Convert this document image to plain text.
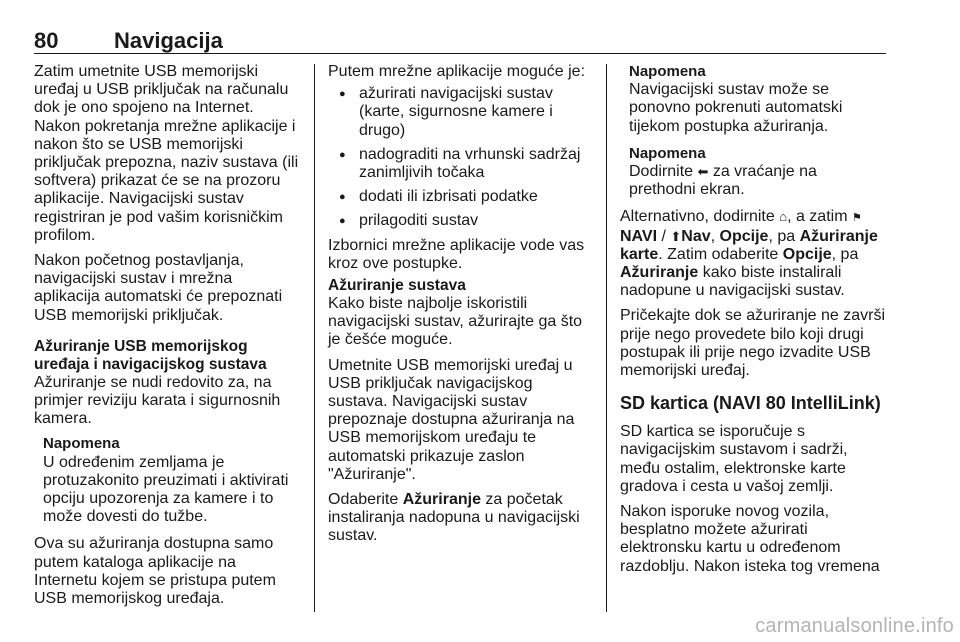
80	Navigacija

Zatim umetnite USB memorijski uređaj u USB priključak na računalu dok je ono spojeno na Internet. Nakon pokretanja mrežne aplikacije i nakon što se USB memorijski priključak prepozna, naziv sustava (ili softvera) prikazat će se na prozoru aplikacije. Navigacijski sustav registriran je pod vašim korisničkim profilom.

Nakon početnog postavljanja, navigacijski sustav i mrežna aplikacija automatski će prepoznati USB memorijski priključak.

Ažuriranje USB memorijskog uređaja i navigacijskog sustava

Ažuriranje se nudi redovito za, na primjer reviziju karata i sigurnosnih kamera.

Napomena
U određenim zemljama je protuzakonito preuzimati i aktivirati opciju upozorenja za kamere i to može dovesti do tužbe.

Ova su ažuriranja dostupna samo putem kataloga aplikacije na Internetu kojem se pristupa putem USB memorijskog uređaja.

Putem mrežne aplikacije moguće je:

● ažurirati navigacijski sustav (karte, sigurnosne kamere i drugo)
● nadograditi na vrhunski sadržaj zanimljivih točaka
● dodati ili izbrisati podatke
● prilagoditi sustav

Izbornici mrežne aplikacije vode vas kroz ove postupke.

Ažuriranje sustava

Kako biste najbolje iskoristili navigacijski sustav, ažurirajte ga što je češće moguće.

Umetnite USB memorijski uređaj u USB priključak navigacijskog sustava. Navigacijski sustav prepoznaje dostupna ažuriranja na USB memorijskom uređaju te automatski prikazuje zaslon "Ažuriranje".

Odaberite Ažuriranje za početak instaliranja nadopuna u navigacijski sustav.

Napomena
Navigacijski sustav može se ponovno pokrenuti automatski tijekom postupka ažuriranja.
Napomena
Dodirnite ⬅ za vraćanje na prethodni ekran.

Alternativno, dodirnite ⌂, a zatim ⚑NAVI / ⬆Nav, Opcije, pa Ažuriranje karte. Zatim odaberite Opcije, pa Ažuriranje kako biste instalirali nadopune u navigacijski sustav.

Pričekajte dok se ažuriranje ne završi prije nego provedete bilo koji drugi postupak ili prije nego izvadite USB memorijski uređaj.

SD kartica (NAVI 80 IntelliLink)

SD kartica se isporučuje s navigacijskim sustavom i sadrži, među ostalim, elektronske karte gradova i cesta u vašoj zemlji.

Nakon isporuke novog vozila, besplatno možete ažurirati elektronsku kartu u određenom razdoblju. Nakon isteka tog vremena

carmanualsonline.info
